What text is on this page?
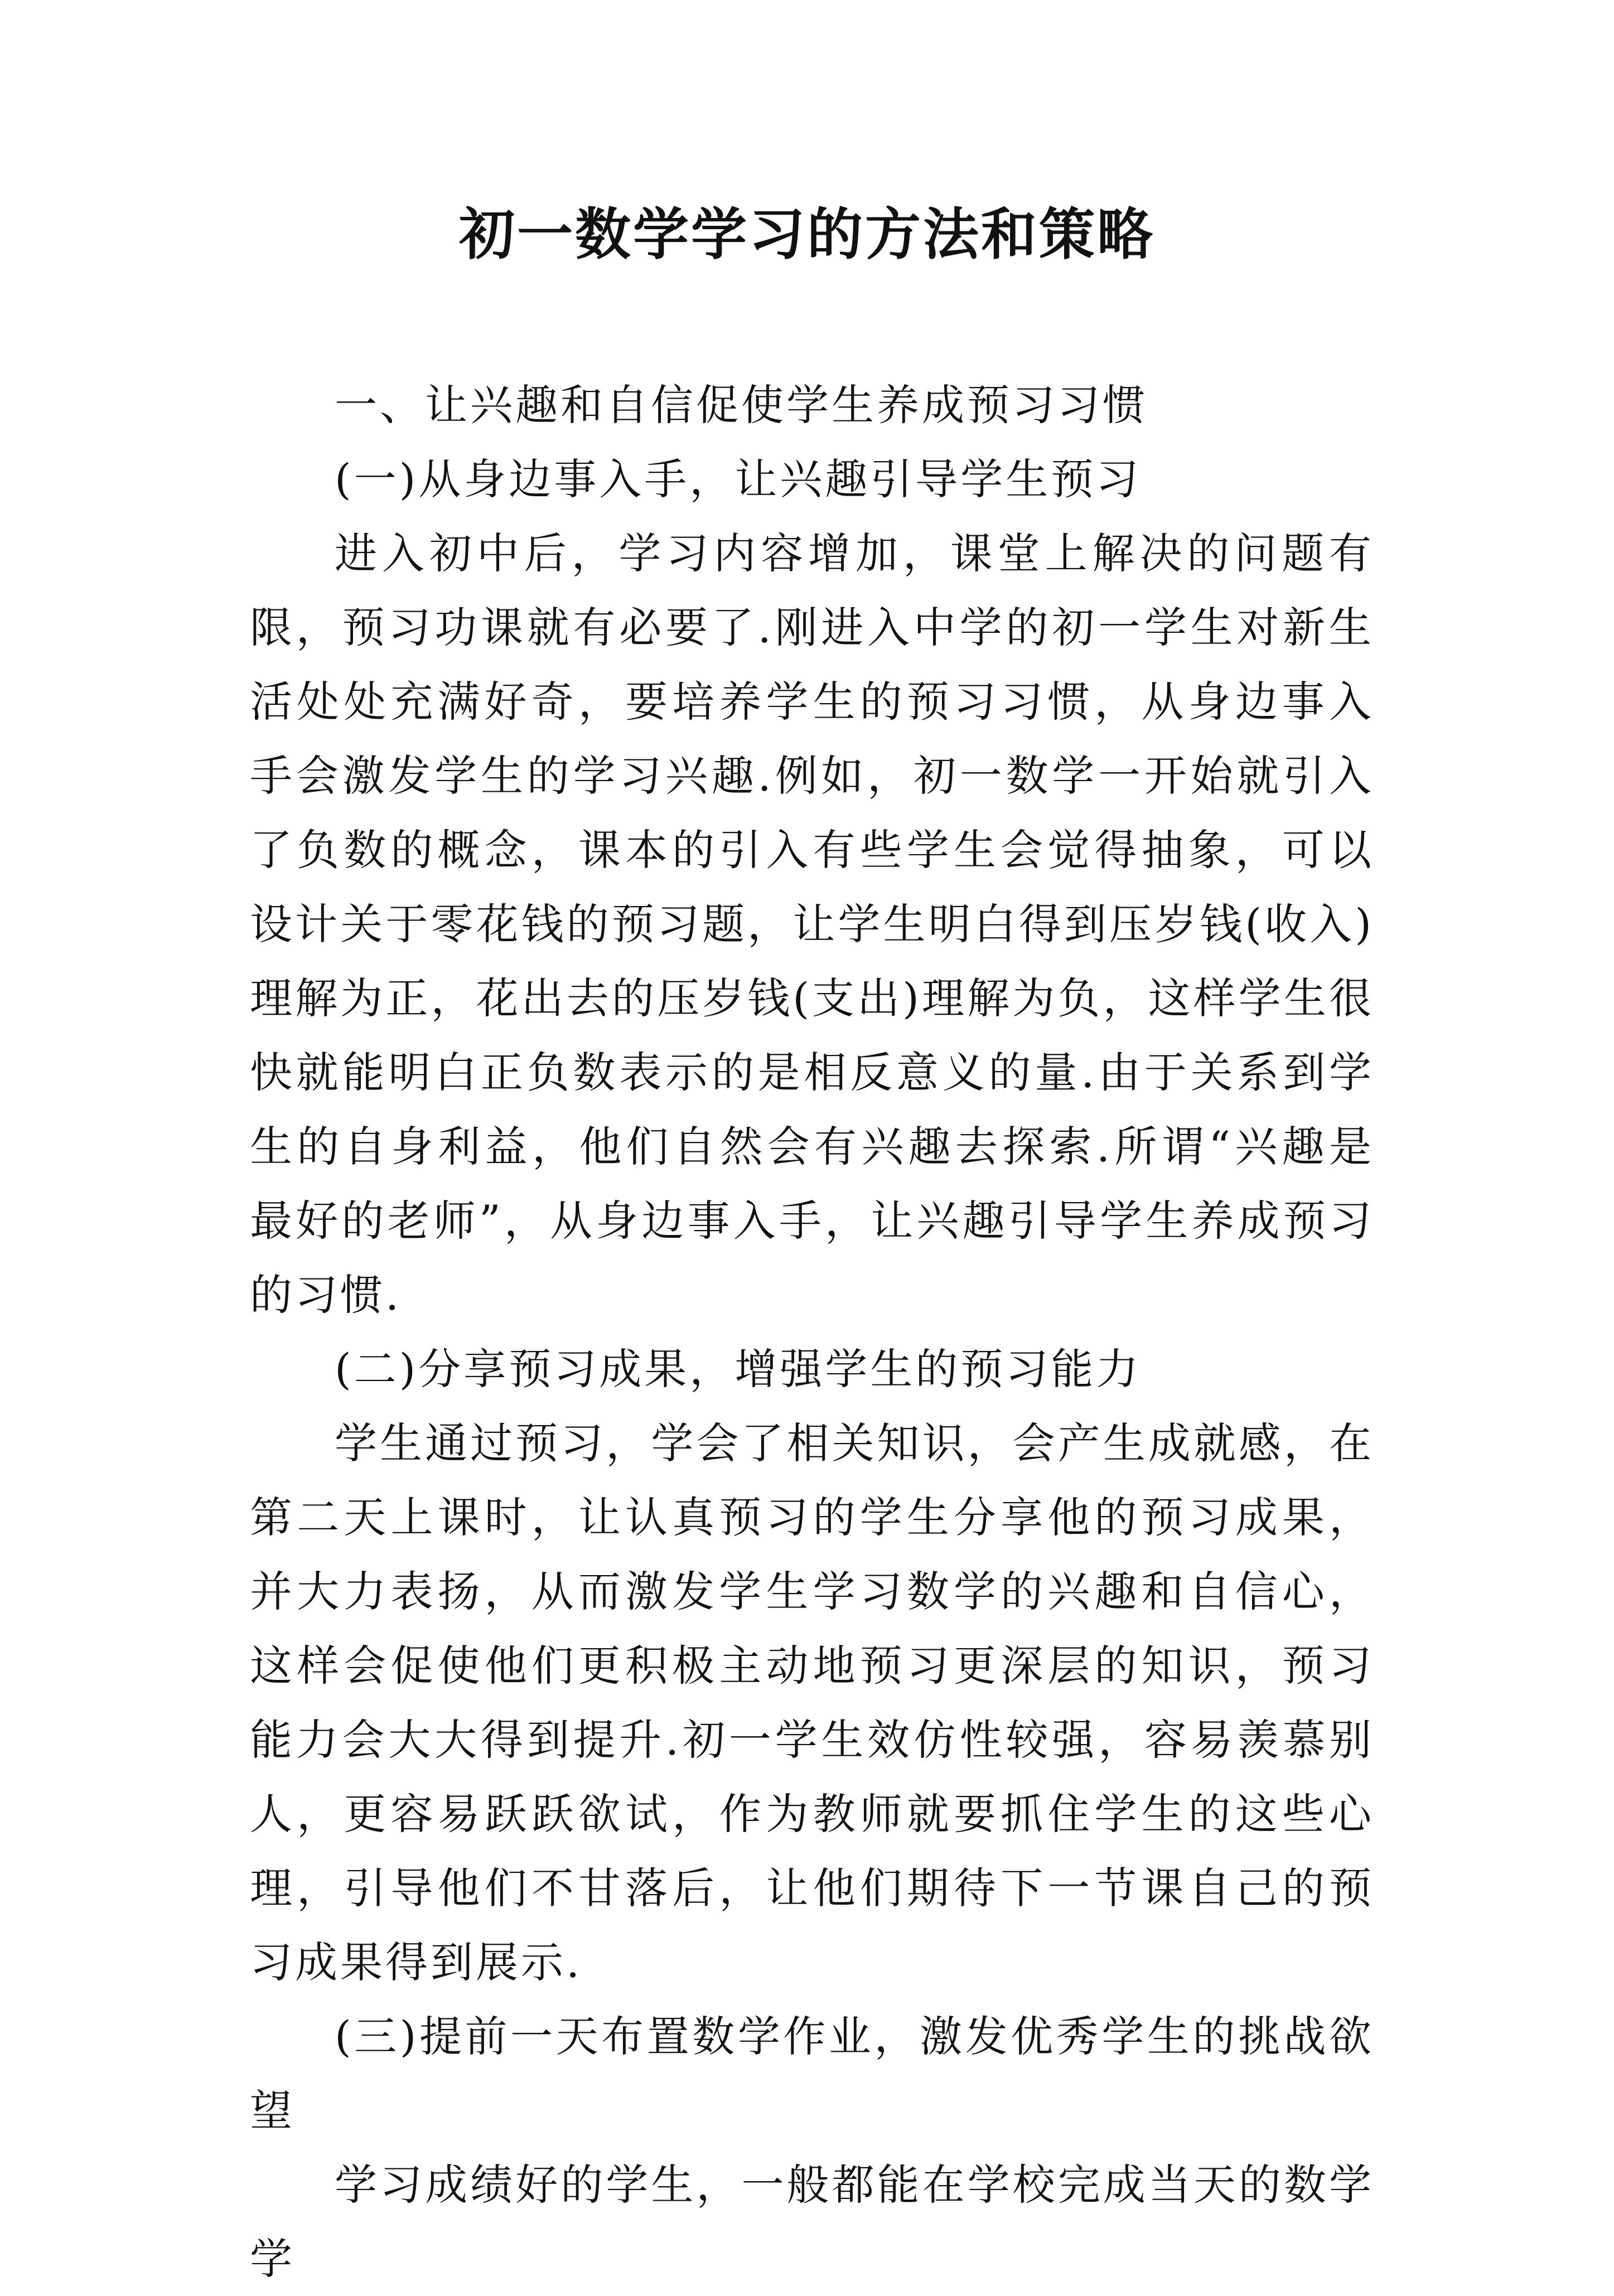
初一数学学习的方法和策略

一、让兴趣和自信促使学生养成预习习惯

(一)从身边事入手，让兴趣引导学生预习

进入初中后，学习内容增加，课堂上解决的问题有限，预习功课就有必要了.刚进入中学的初一学生对新生活处处充满好奇，要培养学生的预习习惯，从身边事入手会激发学生的学习兴趣.例如，初一数学一开始就引入了负数的概念，课本的引入有些学生会觉得抽象，可以设计关于零花钱的预习题，让学生明白得到压岁钱(收入)理解为正，花出去的压岁钱(支出)理解为负，这样学生很快就能明白正负数表示的是相反意义的量.由于关系到学生的自身利益，他们自然会有兴趣去探索.所谓“兴趣是最好的老师”，从身边事入手，让兴趣引导学生养成预习的习惯.

(二)分享预习成果，增强学生的预习能力

学生通过预习，学会了相关知识，会产生成就感，在第二天上课时，让认真预习的学生分享他的预习成果，并大力表扬，从而激发学生学习数学的兴趣和自信心，这样会促使他们更积极主动地预习更深层的知识，预习能力会大大得到提升.初一学生效仿性较强，容易羡慕别人，更容易跃跃欲试，作为教师就要抓住学生的这些心理，引导他们不甘落后，让他们期待下一节课自己的预习成果得到展示.

(三)提前一天布置数学作业，激发优秀学生的挑战欲望

学习成绩好的学生，一般都能在学校完成当天的数学学
